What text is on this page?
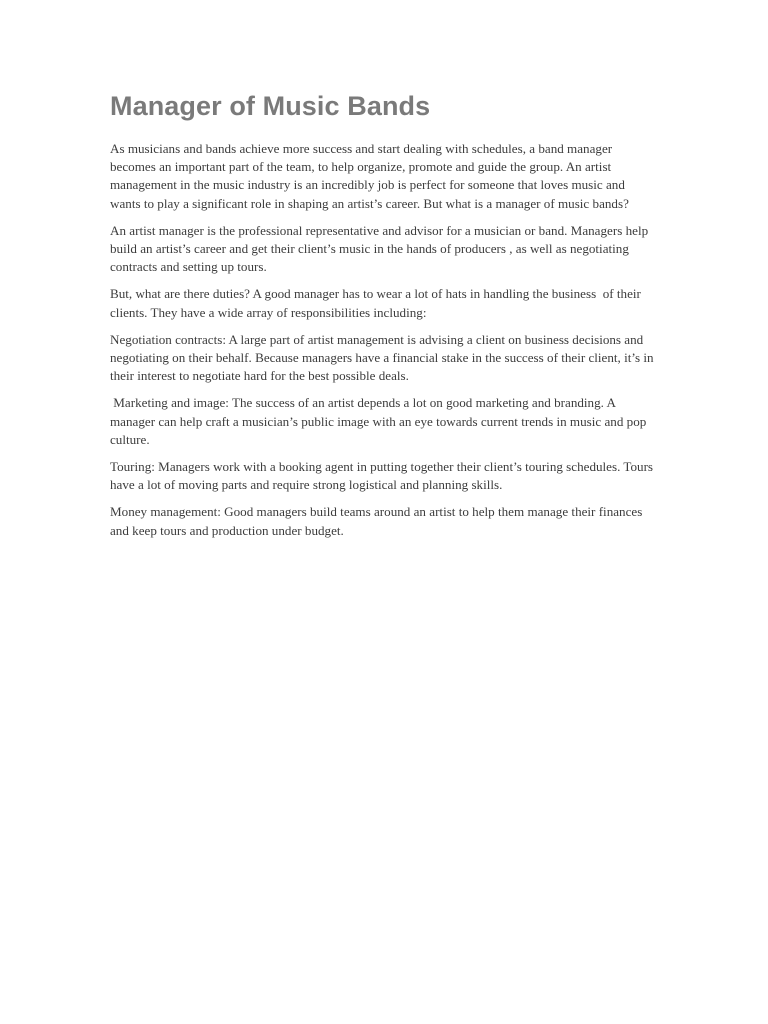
Manager of Music Bands

As musicians and bands achieve more success and start dealing with schedules, a band manager becomes an important part of the team, to help organize, promote and guide the group. An artist management in the music industry is an incredibly job is perfect for someone that loves music and wants to play a significant role in shaping an artist’s career. But what is a manager of music bands?

An artist manager is the professional representative and advisor for a musician or band. Managers help build an artist’s career and get their client’s music in the hands of producers , as well as negotiating contracts and setting up tours.

But, what are there duties? A good manager has to wear a lot of hats in handling the business  of their clients. They have a wide array of responsibilities including:

Negotiation contracts: A large part of artist management is advising a client on business decisions and negotiating on their behalf. Because managers have a financial stake in the success of their client, it’s in their interest to negotiate hard for the best possible deals.

Marketing and image: The success of an artist depends a lot on good marketing and branding. A manager can help craft a musician’s public image with an eye towards current trends in music and pop culture.

Touring: Managers work with a booking agent in putting together their client’s touring schedules. Tours have a lot of moving parts and require strong logistical and planning skills.

Money management: Good managers build teams around an artist to help them manage their finances and keep tours and production under budget.
